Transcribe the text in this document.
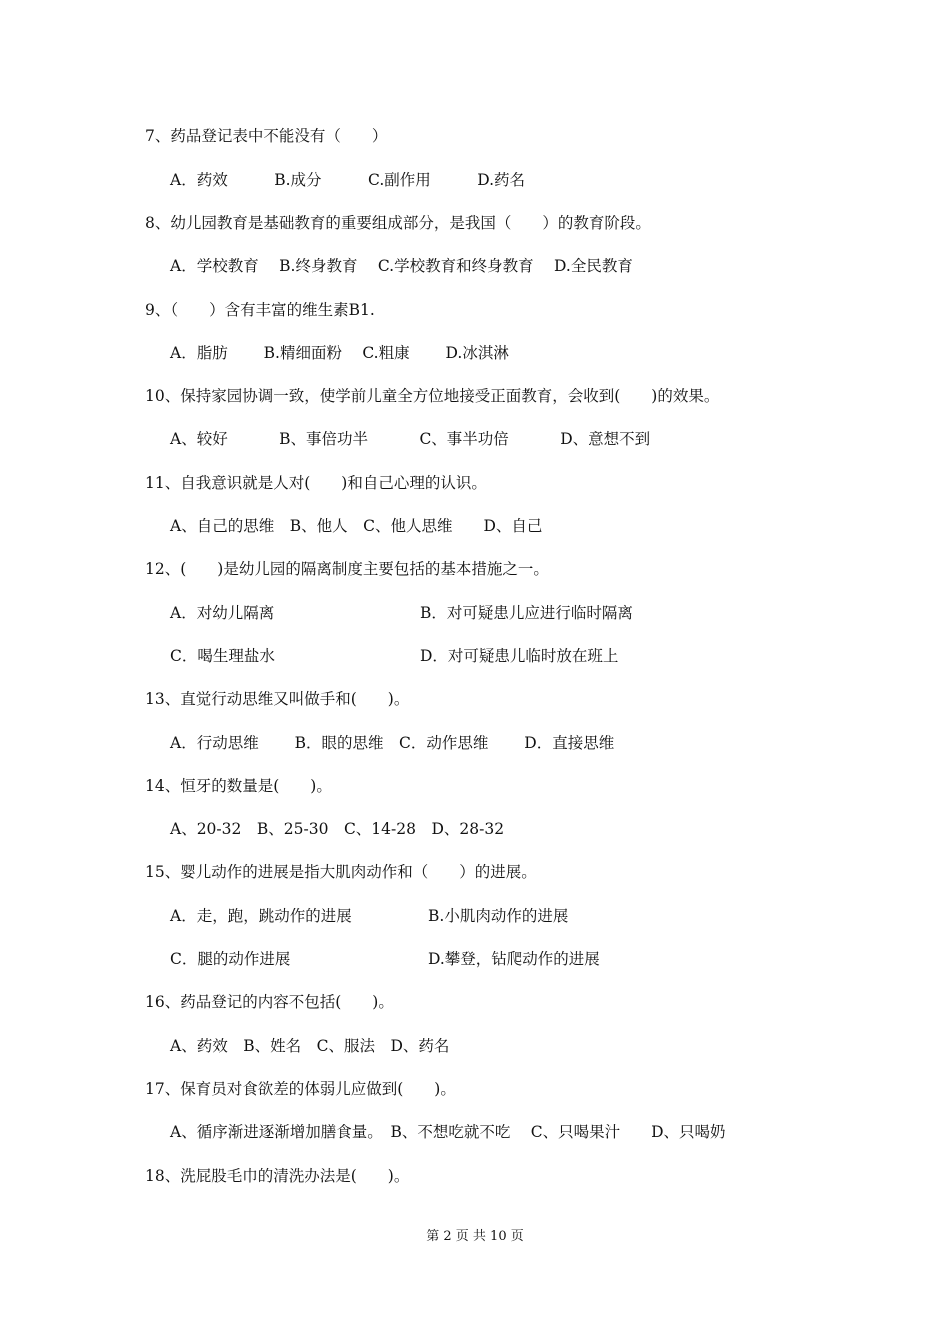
7、药品登记表中不能没有（　　）
A．药效　　　B.成分　　　C.副作用　　　D.药名
8、幼儿园教育是基础教育的重要组成部分，是我国（　　）的教育阶段。
A．学校教育　 B.终身教育　 C.学校教育和终身教育　 D.全民教育
9、（　　）含有丰富的维生素B1.
A．脂肪　　 B.精细面粉　 C.粗康　　 D.冰淇淋
10、保持家园协调一致，使学前儿童全方位地接受正面教育，会收到(　　)的效果。
A、较好　　　 B、事倍功半　　　 C、事半功倍　　　 D、意想不到
11、自我意识就是人对(　　)和自己心理的认识。
A、自己的思维　B、他人　C、他人思维　　D、自己
12、(　　)是幼儿园的隔离制度主要包括的基本措施之一。
A．对幼儿隔离	B．对可疑患儿应进行临时隔离
C．喝生理盐水	D．对可疑患儿临时放在班上
13、直觉行动思维又叫做手和(　　)。
A．行动思维　　 B．眼的思维　C．动作思维　　 D．直接思维
14、恒牙的数量是(　　)。
A、20-32　B、25-30　C、14-28　D、28-32
15、婴儿动作的进展是指大肌肉动作和（　　）的进展。
A．走，跑，跳动作的进展	B.小肌肉动作的进展
C．腿的动作进展	D.攀登，钻爬动作的进展
16、药品登记的内容不包括(　　)。
A、药效　B、姓名　C、服法　D、药名
17、保育员对食欲差的体弱儿应做到(　　)。
A、循序渐进逐渐增加膳食量。　B、不想吃就不吃　 C、只喝果汁　　D、只喝奶
18、洗屁股毛巾的清洗办法是(　　)。
第 2 页 共 10 页
